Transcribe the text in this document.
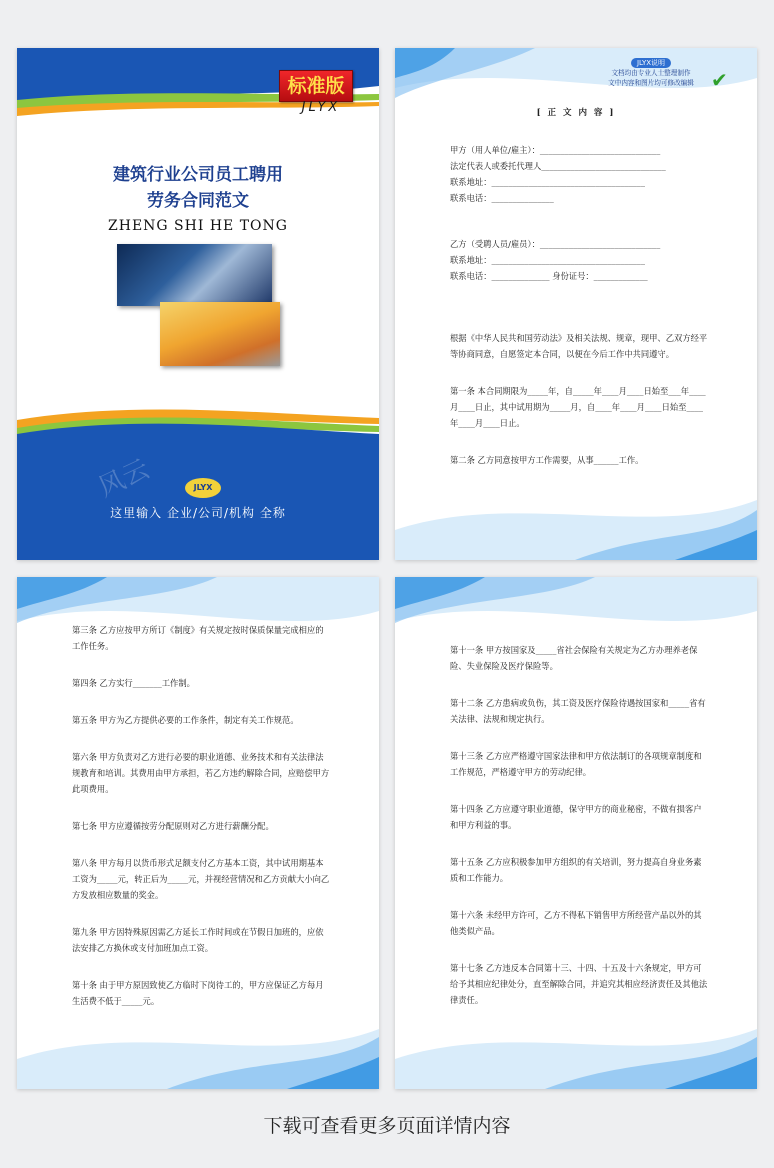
标准版
JLYX
建筑行业公司员工聘用
劳务合同范文
ZHENG SHI HE TONG
风云	JLYX
这里输入 企业/公司/机构 全称
JLYX说明
文档均由专业人士整理制作
文中内容和图片均可修改编辑 ✔
[ 正 文 内 容 ]
甲方（用人单位/雇主）：_____________________________
法定代表人或委托代理人______________________________
联系地址：_____________________________________
联系电话：_______________
乙方（受聘人员/雇员）：_____________________________
联系地址：_____________________________________
联系电话：______________ 身份证号：_____________

根据《中华人民共和国劳动法》及相关法规、规章，现甲、乙双方经平等协商同意，自愿签定本合同，以便在今后工作中共同遵守。

第一条 本合同期限为_____年，自_____年____月____日始至___年____月____日止，其中试用期为_____月，自____年____月____日始至____年____月____日止。

第二条 乙方同意按甲方工作需要，从事______工作。

第三条 乙方应按甲方所订《制度》有关规定按时保质保量完成相应的工作任务。

第四条 乙方实行_______工作制。

第五条 甲方为乙方提供必要的工作条件，制定有关工作规范。

第六条 甲方负责对乙方进行必要的职业道德、业务技术和有关法律法规教育和培训。其费用由甲方承担，若乙方违约解除合同，应赔偿甲方此项费用。

第七条 甲方应遵循按劳分配原则对乙方进行薪酬分配。

第八条 甲方每月以货币形式足额支付乙方基本工资，其中试用期基本工资为_____元，转正后为_____元，并视经营情况和乙方贡献大小向乙方发放相应数量的奖金。

第九条 甲方因特殊原因需乙方延长工作时间或在节假日加班的，应依法安排乙方换休或支付加班加点工资。

第十条 由于甲方原因致使乙方临时下岗待工的，甲方应保证乙方每月生活费不低于_____元。

第十一条 甲方按国家及_____省社会保险有关规定为乙方办理养老保险、失业保险及医疗保险等。

第十二条 乙方患病或负伤，其工资及医疗保险待遇按国家和_____省有关法律、法规和规定执行。

第十三条 乙方应严格遵守国家法律和甲方依法制订的各项规章制度和工作规范，严格遵守甲方的劳动纪律。

第十四条 乙方应遵守职业道德，保守甲方的商业秘密，不做有损客户和甲方利益的事。

第十五条 乙方应积极参加甲方组织的有关培训，努力提高自身业务素质和工作能力。

第十六条 未经甲方许可，乙方不得私下销售甲方所经营产品以外的其他类似产品。

第十七条 乙方违反本合同第十三、十四、十五及十六条规定，甲方可给予其相应纪律处分，直至解除合同，并追究其相应经济责任及其他法律责任。

下载可查看更多页面详情内容
